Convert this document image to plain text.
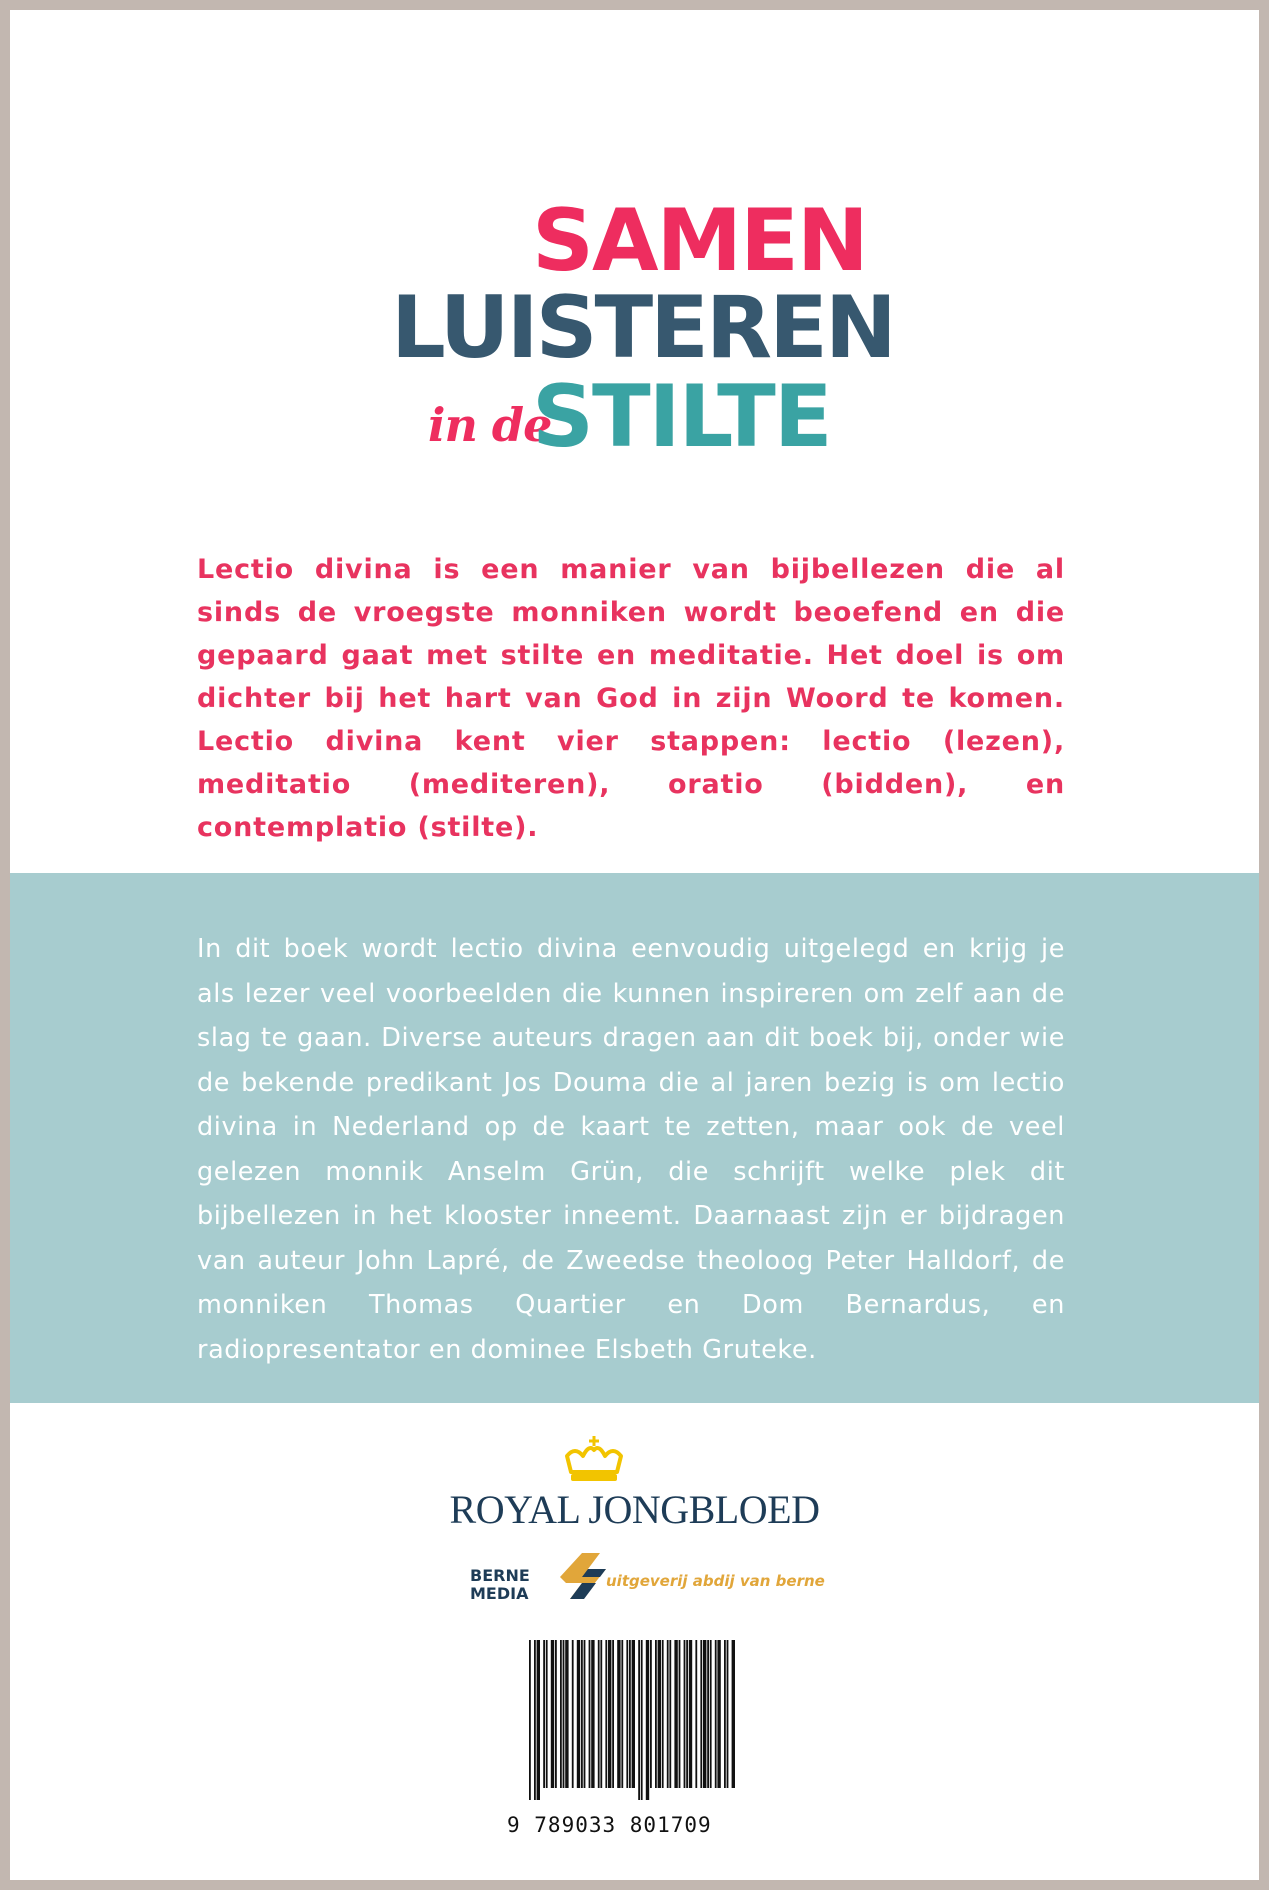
SAMEN
LUISTEREN
in de
STILTE

Lectio divina is een manier van bijbellezen die al sinds de vroegste monniken wordt beoefend en die gepaard gaat met stilte en meditatie. Het doel is om dichter bij het hart van God in zijn Woord te komen. Lectio divina kent vier stappen: lectio (lezen), meditatio (mediteren), oratio (bidden), en contemplatio (stilte).

In dit boek wordt lectio divina eenvoudig uitgelegd en krijg je als lezer veel voorbeelden die kunnen inspireren om zelf aan de slag te gaan. Diverse auteurs dragen aan dit boek bij, onder wie de bekende predikant Jos Douma die al jaren bezig is om lectio divina in Nederland op de kaart te zetten, maar ook de veel gelezen monnik Anselm Grün, die schrijft welke plek dit bijbellezen in het klooster inneemt. Daarnaast zijn er bijdragen van auteur John Lapré, de Zweedse theoloog Peter Halldorf, de monniken Thomas Quartier en Dom Bernardus, en radiopresentator en dominee Elsbeth Gruteke.

ROYAL JONGBLOED
BERNE
MEDIA
uitgeverij abdij van berne
9 789033 801709
